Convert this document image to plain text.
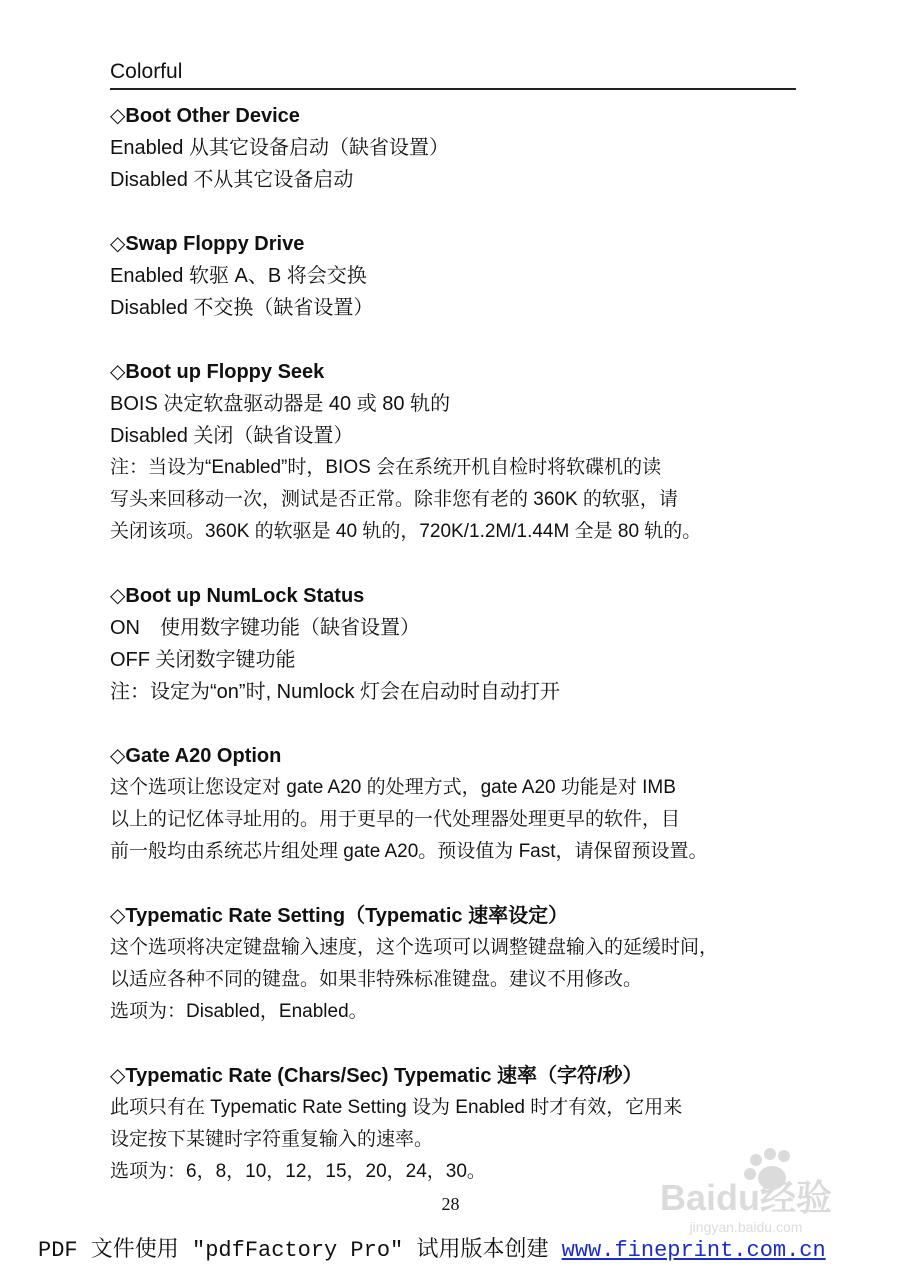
Colorful
◇Boot Other Device

Enabled 从其它设备启动（缺省设置）

Disabled 不从其它设备启动

◇Swap Floppy Drive

Enabled 软驱 A、B 将会交换

Disabled 不交换（缺省设置）

◇Boot up Floppy Seek

BOIS 决定软盘驱动器是 40 或 80 轨的

Disabled 关闭（缺省设置）

注：当设为“Enabled”时，BIOS 会在系统开机自检时将软碟机的读

写头来回移动一次，测试是否正常。除非您有老的 360K 的软驱，请

关闭该项。360K 的软驱是 40 轨的，720K/1.2M/1.44M 全是 80 轨的。

◇Boot up NumLock Status

ON　使用数字键功能（缺省设置）

OFF 关闭数字键功能

注：设定为“on”时, Numlock 灯会在启动时自动打开

◇Gate A20 Option

这个选项让您设定对 gate A20 的处理方式，gate A20 功能是对 IMB

以上的记忆体寻址用的。用于更早的一代处理器处理更早的软件，目

前一般均由系统芯片组处理 gate A20。预设值为 Fast，请保留预设置。

◇Typematic Rate Setting（Typematic 速率设定）

这个选项将决定键盘输入速度，这个选项可以调整键盘输入的延缓时间，

以适应各种不同的键盘。如果非特殊标准键盘。建议不用修改。

选项为：Disabled，Enabled。

◇Typematic Rate (Chars/Sec) Typematic 速率（字符/秒）

此项只有在 Typematic Rate Setting 设为 Enabled 时才有效，它用来

设定按下某键时字符重复输入的速率。

选项为：6，8，10，12，15，20，24，30。

Baidu经验
jingyan.baidu.com
28
PDF 文件使用 "pdfFactory Pro" 试用版本创建 www.fineprint.com.cn
